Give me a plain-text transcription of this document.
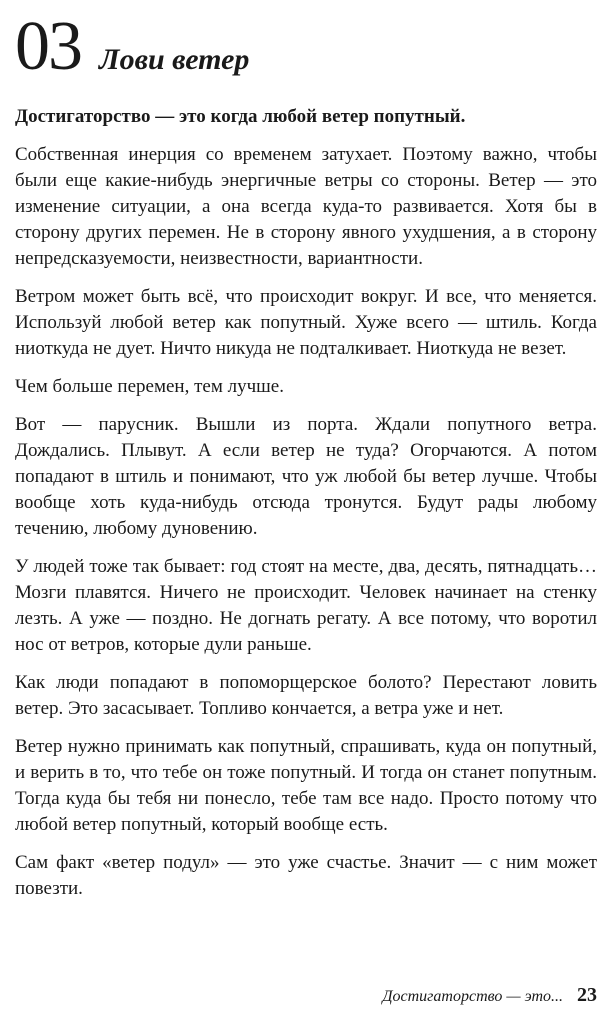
03 Лови ветер

Достигаторство — это когда любой ветер попутный.

Собственная инерция со временем затухает. Поэтому важно, чтобы были еще какие-нибудь энергичные ветры со стороны. Ветер — это изменение ситуации, а она всегда куда-то развивается. Хотя бы в сторону других перемен. Не в сторону явного ухудшения, а в сторону непредсказуемости, неизвестности, вариантности.

Ветром может быть всё, что происходит вокруг. И все, что меняется. Используй любой ветер как попутный. Хуже всего — штиль. Когда ниоткуда не дует. Ничто никуда не подталкивает. Ниоткуда не везет.

Чем больше перемен, тем лучше.

Вот — парусник. Вышли из порта. Ждали попутного ветра. Дождались. Плывут. А если ветер не туда? Огорчаются. А потом попадают в штиль и понимают, что уж любой бы ветер лучше. Чтобы вообще хоть куда-нибудь отсюда тронутся. Будут рады любому течению, любому дуновению.

У людей тоже так бывает: год стоят на месте, два, десять, пятнадцать… Мозги плавятся. Ничего не происходит. Человек начинает на стенку лезть. А уже — поздно. Не догнать регату. А все потому, что воротил нос от ветров, которые дули раньше.

Как люди попадают в попоморщерское болото? Перестают ловить ветер. Это засасывает. Топливо кончается, а ветра уже и нет.

Ветер нужно принимать как попутный, спрашивать, куда он попутный, и верить в то, что тебе он тоже попутный. И тогда он станет попутным. Тогда куда бы тебя ни понесло, тебе там все надо. Просто потому что любой ветер попутный, который вообще есть.

Сам факт «ветер подул» — это уже счастье. Значит — с ним может повезти.

Достигаторство — это... 23
